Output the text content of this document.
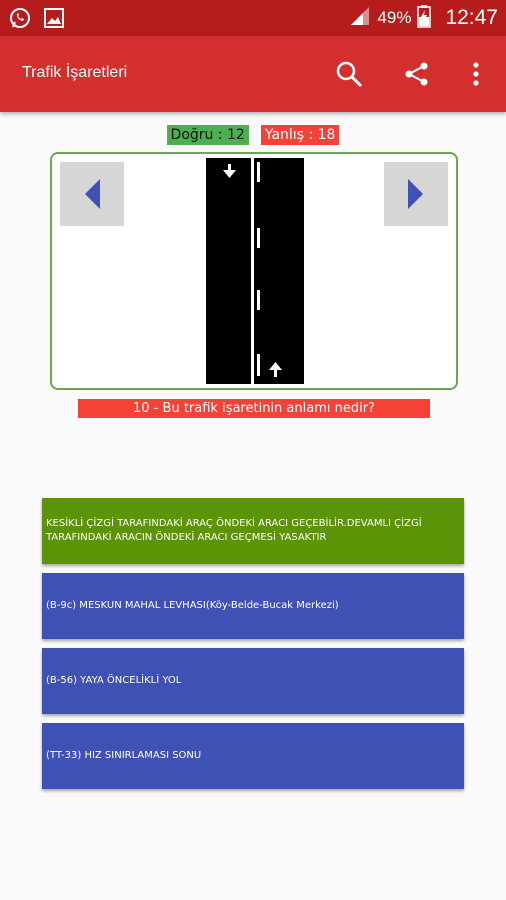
49% 12:47
Trafik İşaretleri
Doğru : 12 Yanlış : 18
10 - Bu trafik işaretinin anlamı nedir?
KESİKLİ ÇİZGİ TARAFINDAKİ ARAÇ ÖNDEKİ ARACI GEÇEBİLİR.DEVAMLI ÇİZGİ TARAFINDAKİ ARACIN ÖNDEKİ ARACI GEÇMESİ YASAKTIR
(B-9c) MESKUN MAHAL LEVHASI(Köy-Belde-Bucak Merkezi)
(B-56) YAYA ÖNCELİKLİ YOL
(TT-33) HIZ SINIRLAMASI SONU
